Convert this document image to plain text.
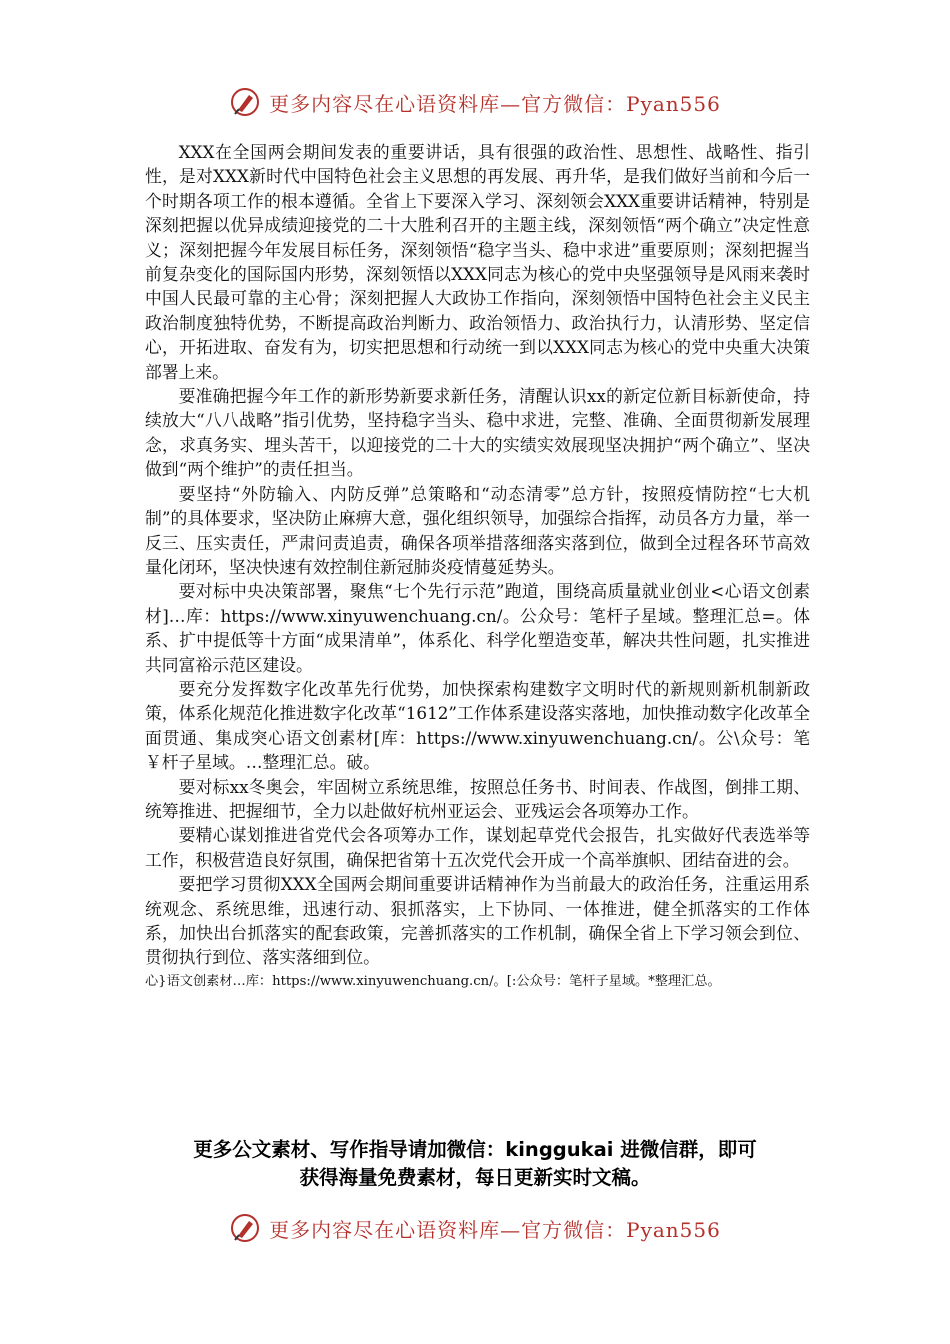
更多内容尽在心语资料库—官方微信：Pyan556

XXX在全国两会期间发表的重要讲话，具有很强的政治性、思想性、战略性、指引性，是对XXX新时代中国特色社会主义思想的再发展、再升华，是我们做好当前和今后一个时期各项工作的根本遵循。全省上下要深入学习、深刻领会XXX重要讲话精神，特别是深刻把握以优异成绩迎接党的二十大胜利召开的主题主线，深刻领悟“两个确立”决定性意义；深刻把握今年发展目标任务，深刻领悟“稳字当头、稳中求进”重要原则；深刻把握当前复杂变化的国际国内形势，深刻领悟以XXX同志为核心的党中央坚强领导是风雨来袭时中国人民最可靠的主心骨；深刻把握人大政协工作指向，深刻领悟中国特色社会主义民主政治制度独特优势，不断提高政治判断力、政治领悟力、政治执行力，认清形势、坚定信心，开拓进取、奋发有为，切实把思想和行动统一到以XXX同志为核心的党中央重大决策部署上来。

要准确把握今年工作的新形势新要求新任务，清醒认识xx的新定位新目标新使命，持续放大“八八战略”指引优势，坚持稳字当头、稳中求进，完整、准确、全面贯彻新发展理念，求真务实、埋头苦干，以迎接党的二十大的实绩实效展现坚决拥护“两个确立”、坚决做到“两个维护”的责任担当。

要坚持“外防输入、内防反弹”总策略和“动态清零”总方针，按照疫情防控“七大机制”的具体要求，坚决防止麻痹大意，强化组织领导，加强综合指挥，动员各方力量，举一反三、压实责任，严肃问责追责，确保各项举措落细落实落到位，做到全过程各环节高效量化闭环，坚决快速有效控制住新冠肺炎疫情蔓延势头。

要对标中央决策部署，聚焦“七个先行示范”跑道，围绕高质量就业创业<心语文创素材]…库：https://www.xinyuwenchuang.cn/。公众号：笔杆子星域。整理汇总=。体系、扩中提低等十方面“成果清单”，体系化、科学化塑造变革，解决共性问题，扎实推进共同富裕示范区建设。

要充分发挥数字化改革先行优势，加快探索构建数字文明时代的新规则新机制新政策，体系化规范化推进数字化改革“1612”工作体系建设落实落地，加快推动数字化改革全面贯通、集成突心语文创素材[库：https://www.xinyuwenchuang.cn/。公\众号：笔￥杆子星域。…整理汇总。破。

要对标xx冬奥会，牢固树立系统思维，按照总任务书、时间表、作战图，倒排工期、统筹推进、把握细节，全力以赴做好杭州亚运会、亚残运会各项筹办工作。

要精心谋划推进省党代会各项筹办工作，谋划起草党代会报告，扎实做好代表选举等工作，积极营造良好氛围，确保把省第十五次党代会开成一个高举旗帜、团结奋进的会。

要把学习贯彻XXX全国两会期间重要讲话精神作为当前最大的政治任务，注重运用系统观念、系统思维，迅速行动、狠抓落实，上下协同、一体推进，健全抓落实的工作体系，加快出台抓落实的配套政策，完善抓落实的工作机制，确保全省上下学习领会到位、贯彻执行到位、落实落细到位。

心}语文创素材…库：https://www.xinyuwenchuang.cn/。[:公众号：笔杆子星域。*整理汇总。

更多公文素材、写作指导请加微信：kinggukai 进微信群，即可
获得海量免费素材，每日更新实时文稿。
更多内容尽在心语资料库—官方微信：Pyan556
